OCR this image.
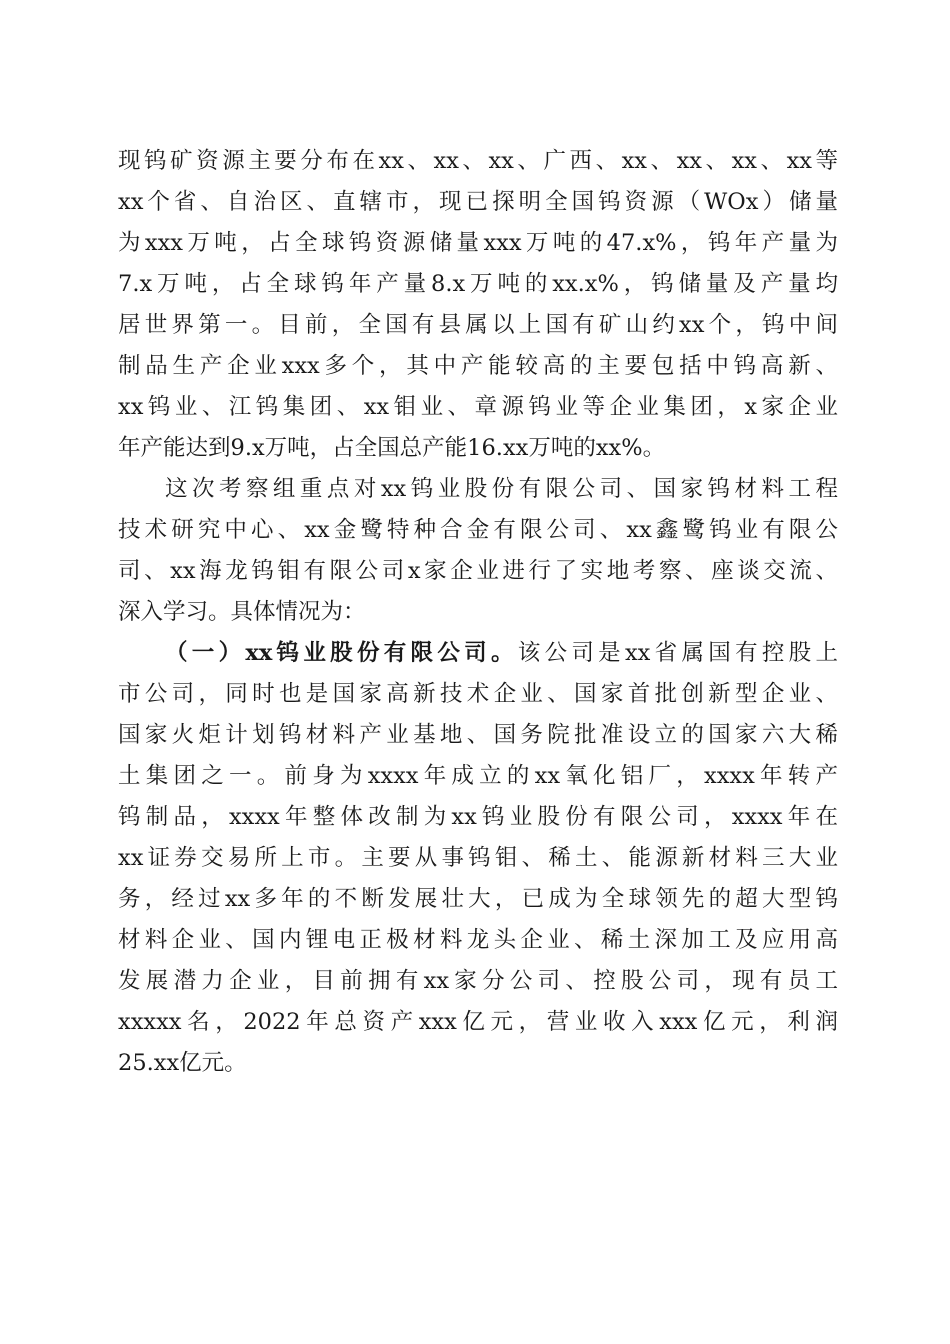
现钨矿资源主要分布在xx、xx、xx、广西、xx、xx、xx、xx等
xx个省、自治区、直辖市，现已探明全国钨资源（WOx）储量
为xxx万吨，占全球钨资源储量xxx万吨的47.x%，钨年产量为
7.x万吨，占全球钨年产量8.x万吨的xx.x%，钨储量及产量均
居世界第一。目前，全国有县属以上国有矿山约xx个，钨中间
制品生产企业xxx多个，其中产能较高的主要包括中钨高新、
xx钨业、江钨集团、xx钼业、章源钨业等企业集团，x家企业
年产能达到9.x万吨，占全国总产能16.xx万吨的xx%。
这次考察组重点对xx钨业股份有限公司、国家钨材料工程
技术研究中心、xx金鹭特种合金有限公司、xx鑫鹭钨业有限公
司、xx海龙钨钼有限公司x家企业进行了实地考察、座谈交流、
深入学习。具体情况为：
（一）xx钨业股份有限公司。该公司是xx省属国有控股上
市公司，同时也是国家高新技术企业、国家首批创新型企业、
国家火炬计划钨材料产业基地、国务院批准设立的国家六大稀
土集团之一。前身为xxxx年成立的xx氧化铝厂，xxxx年转产
钨制品，xxxx年整体改制为xx钨业股份有限公司，xxxx年在
xx证券交易所上市。主要从事钨钼、稀土、能源新材料三大业
务，经过xx多年的不断发展壮大，已成为全球领先的超大型钨
材料企业、国内锂电正极材料龙头企业、稀土深加工及应用高
发展潜力企业，目前拥有xx家分公司、控股公司，现有员工
xxxxx名，2022年总资产xxx亿元，营业收入xxx亿元，利润
25.xx亿元。
